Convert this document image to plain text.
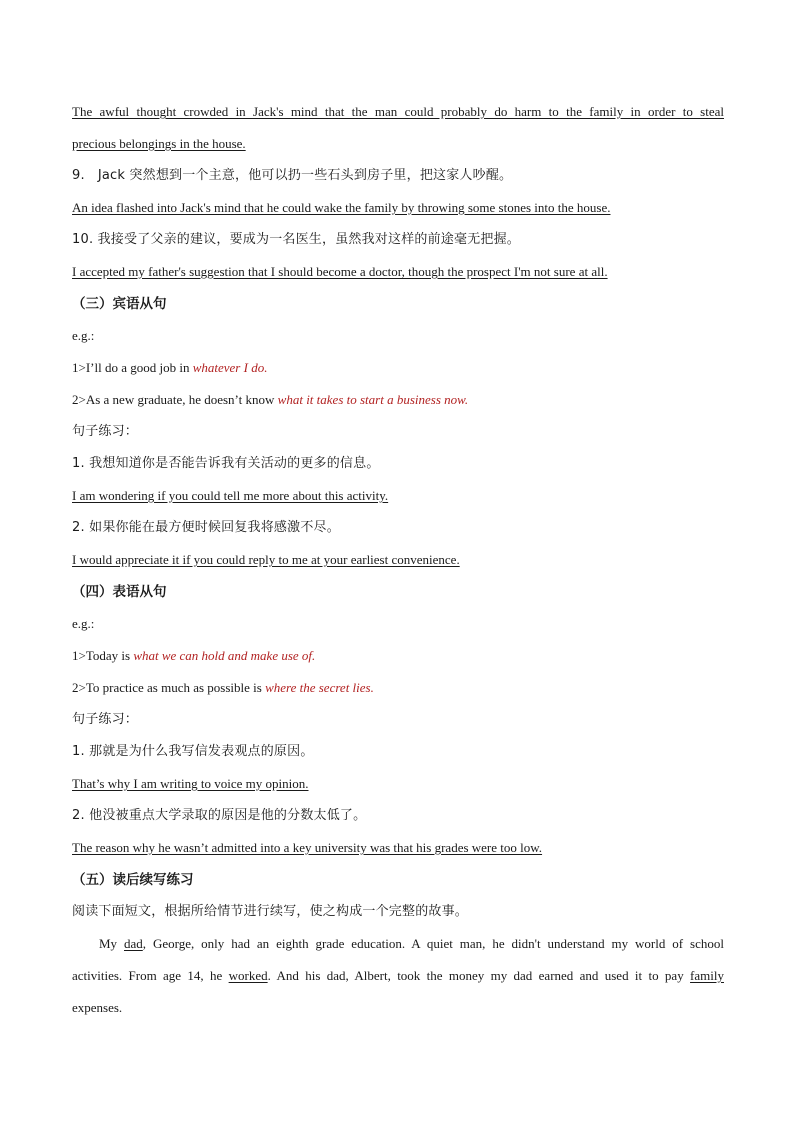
The awful thought crowded in Jack's mind that the man could probably do harm to the family in order to steal
precious belongings in the house.
9. Jack 突然想到一个主意，他可以扔一些石头到房子里，把这家人吵醒。
An idea flashed into Jack's mind that he could wake the family by throwing some stones into the house.
10. 我接受了父亲的建议，要成为一名医生，虽然我对这样的前途毫无把握。
I accepted my father's suggestion that I should become a doctor, though the prospect I'm not sure at all.
（三）宾语从句
e.g.:
1>I’ll do a good job in whatever I do.
2>As a new graduate, he doesn’t know what it takes to start a business now.
句子练习：
1. 我想知道你是否能告诉我有关活动的更多的信息。
I am wondering if you could tell me more about this activity.
2. 如果你能在最方便时候回复我将感激不尽。
I would appreciate it if you could reply to me at your earliest convenience.
（四）表语从句
e.g.:
1>Today is what we can hold and make use of.
2>To practice as much as possible is where the secret lies.
句子练习：
1. 那就是为什么我写信发表观点的原因。
That’s why I am writing to voice my opinion.
2. 他没被重点大学录取的原因是他的分数太低了。
The reason why he wasn’t admitted into a key university was that his grades were too low.
（五）读后续写练习
阅读下面短文，根据所给情节进行续写，使之构成一个完整的故事。
My dad, George, only had an eighth grade education. A quiet man, he didn't understand my world of school
activities. From age 14, he worked. And his dad, Albert, took the money my dad earned and used it to pay family
expenses.
